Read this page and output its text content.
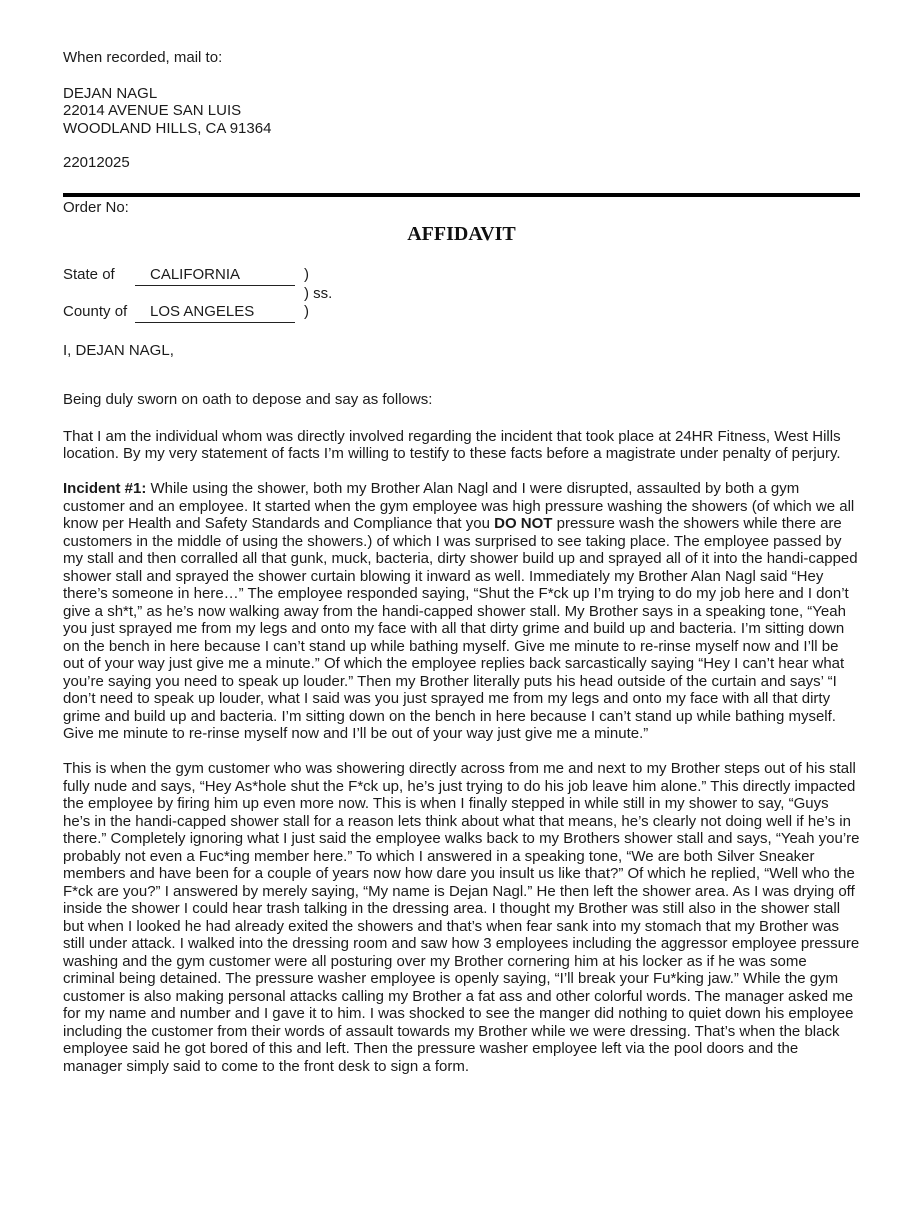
When recorded, mail to:
DEJAN NAGL
22014 AVENUE SAN LUIS
WOODLAND HILLS, CA 91364
22012025
Order No:
AFFIDAVIT
State of	CALIFORNIA	)
) ss.
County of	LOS ANGELES	)
I, DEJAN NAGL,
Being duly sworn on oath to depose and say as follows:

That I am the individual whom was directly involved regarding the incident that took place at 24HR Fitness, West Hills location. By my very statement of facts I’m willing to testify to these facts before a magistrate under penalty of perjury.

Incident #1: While using the shower, both my Brother Alan Nagl and I were disrupted, assaulted by both a gym customer and an employee. It started when the gym employee was high pressure washing the showers (of which we all know per Health and Safety Standards and Compliance that you DO NOT pressure wash the showers while there are customers in the middle of using the showers.) of which I was surprised to see taking place. The employee passed by my stall and then corralled all that gunk, muck, bacteria, dirty shower build up and sprayed all of it into the handi-capped shower stall and sprayed the shower curtain blowing it inward as well. Immediately my Brother Alan Nagl said “Hey there’s someone in here…” The employee responded saying, “Shut the F*ck up I’m trying to do my job here and I don’t give a sh*t,” as he’s now walking away from the handi-capped shower stall. My Brother says in a speaking tone, “Yeah you just sprayed me from my legs and onto my face with all that dirty grime and build up and bacteria. I’m sitting down on the bench in here because I can’t stand up while bathing myself. Give me minute to re-rinse myself now and I’ll be out of your way just give me a minute.” Of which the employee replies back sarcastically saying “Hey I can’t hear what you’re saying you need to speak up louder.” Then my Brother literally puts his head outside of the curtain and says’ “I don’t need to speak up louder, what I said was you just sprayed me from my legs and onto my face with all that dirty grime and build up and bacteria. I’m sitting down on the bench in here because I can’t stand up while bathing myself. Give me minute to re-rinse myself now and I’ll be out of your way just give me a minute.”

This is when the gym customer who was showering directly across from me and next to my Brother steps out of his stall fully nude and says, “Hey As*hole shut the F*ck up, he’s just trying to do his job leave him alone.” This directly impacted the employee by firing him up even more now. This is when I finally stepped in while still in my shower to say, “Guys he’s in the handi-capped shower stall for a reason lets think about what that means, he’s clearly not doing well if he’s in there.” Completely ignoring what I just said the employee walks back to my Brothers shower stall and says, “Yeah you’re probably not even a Fuc*ing member here.” To which I answered in a speaking tone, “We are both Silver Sneaker members and have been for a couple of years now how dare you insult us like that?” Of which he replied, “Well who the F*ck are you?” I answered by merely saying, “My name is Dejan Nagl.” He then left the shower area. As I was drying off inside the shower I could hear trash talking in the dressing area. I thought my Brother was still also in the shower stall but when I looked he had already exited the showers and that’s when fear sank into my stomach that my Brother was still under attack. I walked into the dressing room and saw how 3 employees including the aggressor employee pressure washing and the gym customer were all posturing over my Brother cornering him at his locker as if he was some criminal being detained. The pressure washer employee is openly saying, “I’ll break your Fu*king jaw.” While the gym customer is also making personal attacks calling my Brother a fat ass and other colorful words. The manager asked me for my name and number and I gave it to him. I was shocked to see the manger did nothing to quiet down his employee including the customer from their words of assault towards my Brother while we were dressing. That’s when the black employee said he got bored of this and left. Then the pressure washer employee left via the pool doors and the manager simply said to come to the front desk to sign a form.
